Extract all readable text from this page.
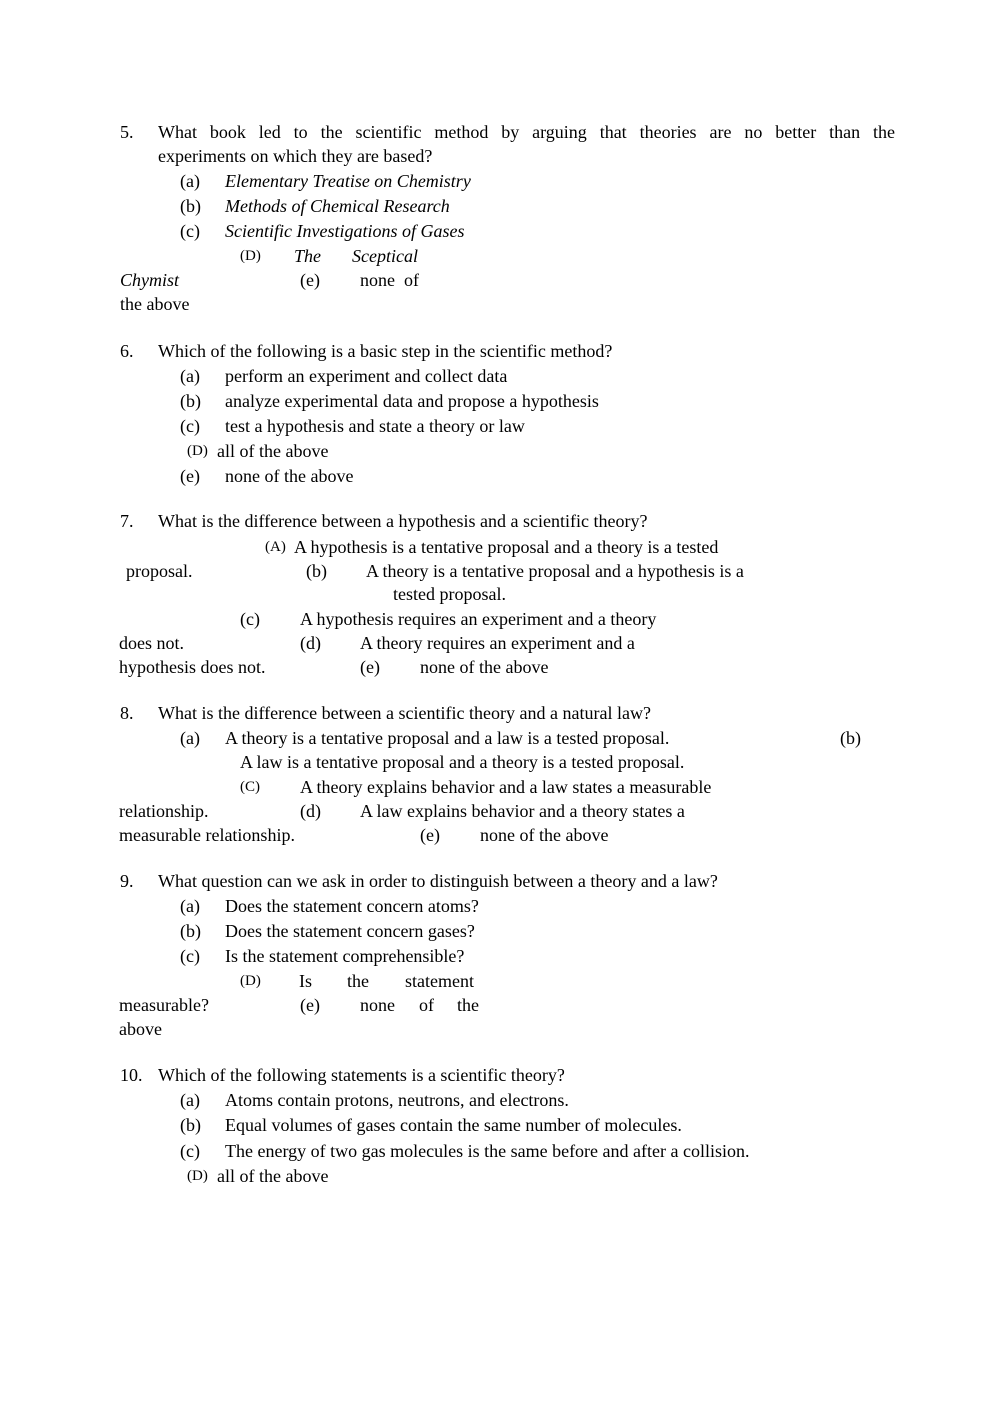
5. What book led to the scientific method by arguing that theories are no better than the
experiments on which they are based?
(a) Elementary Treatise on Chemistry
(b) Methods of Chemical Research
(c) Scientific Investigations of Gases
(D) The Sceptical
Chymist	(e) none  of
the above
6. Which of the following is a basic step in the scientific method?
(a) perform an experiment and collect data
(b) analyze experimental data and propose a hypothesis
(c) test a hypothesis and state a theory or law
(D) all of the above
(e) none of the above
7. What is the difference between a hypothesis and a scientific theory?
(A) A hypothesis is a tentative proposal and a theory is a tested
proposal.	(b) A theory is a tentative proposal and a hypothesis is a
tested proposal.
(c) A hypothesis requires an experiment and a theory
does not.	(d) A theory requires an experiment and a
hypothesis does not.	(e) none of the above
8. What is the difference between a scientific theory and a natural law?
(a) A theory is a tentative proposal and a law is a tested proposal.	(b)
A law is a tentative proposal and a theory is a tested proposal.
(C) A theory explains behavior and a law states a measurable
relationship.	(d) A law explains behavior and a theory states a
measurable relationship.	(e) none of the above
9. What question can we ask in order to distinguish between a theory and a law?
(a) Does the statement concern atoms?
(b) Does the statement concern gases?
(c) Is the statement comprehensible?
(D) Is the statement
measurable?	(e) none of the
above
10. Which of the following statements is a scientific theory?
(a) Atoms contain protons, neutrons, and electrons.
(b) Equal volumes of gases contain the same number of molecules.
(c) The energy of two gas molecules is the same before and after a collision.
(D) all of the above
